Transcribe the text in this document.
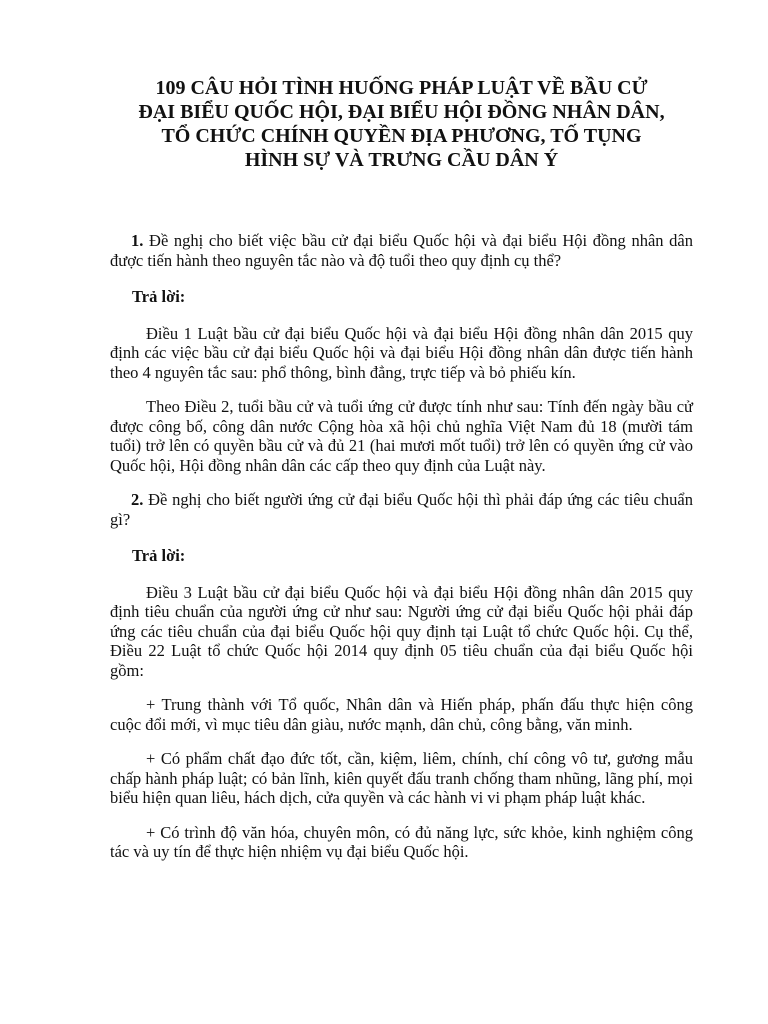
109 CÂU HỎI TÌNH HUỐNG PHÁP LUẬT VỀ BẦU CỬ
ĐẠI BIỂU QUỐC HỘI, ĐẠI BIỂU HỘI ĐỒNG NHÂN DÂN,
TỔ CHỨC CHÍNH QUYỀN ĐỊA PHƯƠNG, TỐ TỤNG
HÌNH SỰ VÀ TRƯNG CẦU DÂN Ý

1. Đề nghị cho biết việc bầu cử đại biểu Quốc hội và đại biểu Hội đồng nhân dân được tiến hành theo nguyên tắc nào và độ tuổi theo quy định cụ thể?

Trả lời:

Điều 1 Luật bầu cử đại biểu Quốc hội và đại biểu Hội đồng nhân dân 2015 quy định các việc bầu cử đại biểu Quốc hội và đại biểu Hội đồng nhân dân được tiến hành theo 4 nguyên tắc sau: phổ thông, bình đẳng, trực tiếp và bỏ phiếu kín.

Theo Điều 2, tuổi bầu cử và tuổi ứng cử được tính như sau: Tính đến ngày bầu cử được công bố, công dân nước Cộng hòa xã hội chủ nghĩa Việt Nam đủ 18 (mười tám tuổi) trở lên có quyền bầu cử và đủ 21 (hai mươi mốt tuổi) trở lên có quyền ứng cử vào Quốc hội, Hội đồng nhân dân các cấp theo quy định của Luật này.

2. Đề nghị cho biết người ứng cử đại biểu Quốc hội thì phải đáp ứng các tiêu chuẩn gì?

Trả lời:

Điều 3 Luật bầu cử đại biểu Quốc hội và đại biểu Hội đồng nhân dân 2015 quy định tiêu chuẩn của người ứng cử như sau: Người ứng cử đại biểu Quốc hội phải đáp ứng các tiêu chuẩn của đại biểu Quốc hội quy định tại Luật tổ chức Quốc hội. Cụ thể, Điều 22 Luật tổ chức Quốc hội 2014 quy định 05 tiêu chuẩn của đại biểu Quốc hội gồm:

+ Trung thành với Tổ quốc, Nhân dân và Hiến pháp, phấn đấu thực hiện công cuộc đổi mới, vì mục tiêu dân giàu, nước mạnh, dân chủ, công bằng, văn minh.

+ Có phẩm chất đạo đức tốt, cần, kiệm, liêm, chính, chí công vô tư, gương mẫu chấp hành pháp luật; có bản lĩnh, kiên quyết đấu tranh chống tham nhũng, lãng phí, mọi biểu hiện quan liêu, hách dịch, cửa quyền và các hành vi vi phạm pháp luật khác.

+ Có trình độ văn hóa, chuyên môn, có đủ năng lực, sức khỏe, kinh nghiệm công tác và uy tín để thực hiện nhiệm vụ đại biểu Quốc hội.
